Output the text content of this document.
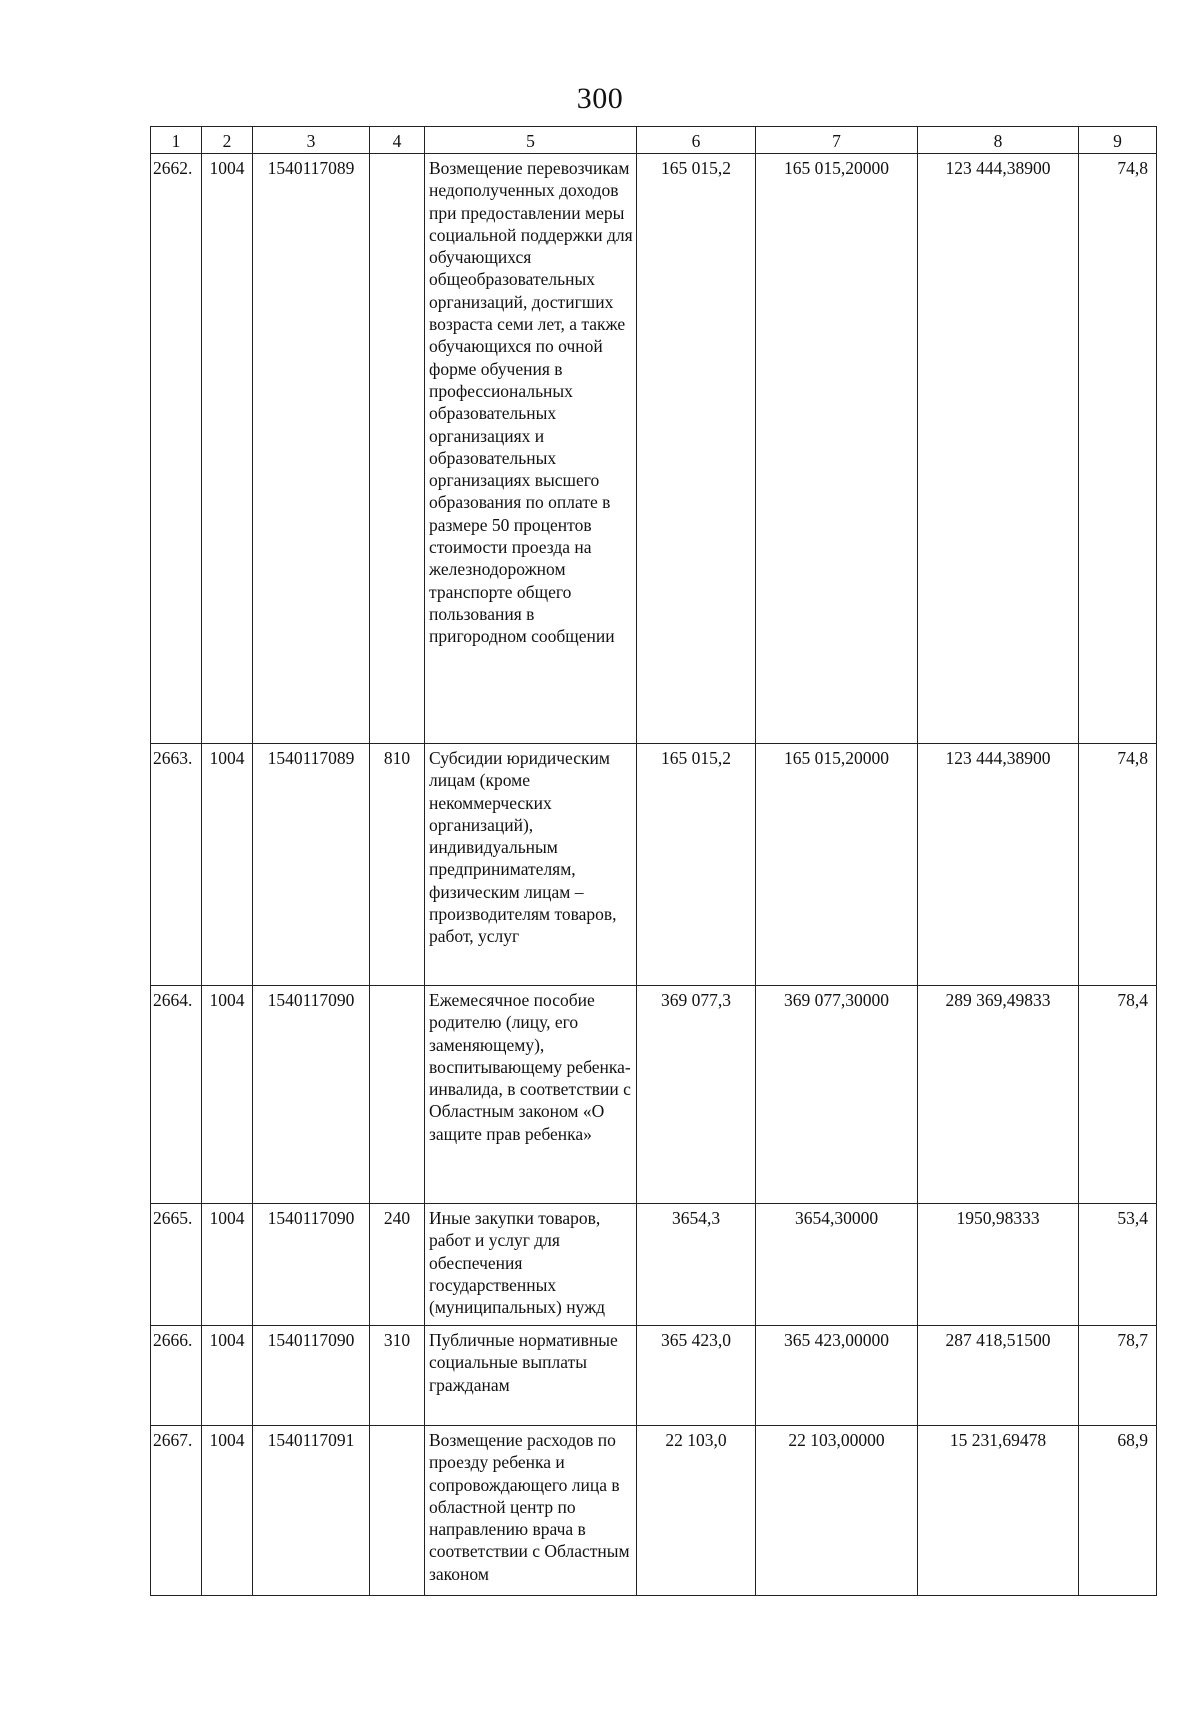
300
1	2	3	4	5	6	7	8	9
2662.	1004	1540117089		Возмещение перевозчикам недополученных доходов при предоставлении меры социальной поддержки для обучающихся общеобразовательных организаций, достигших возраста семи лет, а также обучающихся по очной форме обучения в профессиональных образовательных организациях и образовательных организациях высшего образования по оплате в размере 50 процентов стоимости проезда на железнодорожном транспорте общего пользования в пригородном сообщении	165 015,2	165 015,20000	123 444,38900	74,8
2663.	1004	1540117089	810	Субсидии юридическим лицам (кроме некоммерческих организаций), индивидуальным предпринимателям, физическим лицам – производителям товаров, работ, услуг	165 015,2	165 015,20000	123 444,38900	74,8
2664.	1004	1540117090		Ежемесячное пособие родителю (лицу, его заменяющему), воспитывающему ребенка-инвалида, в соответствии с Областным законом «О защите прав ребенка»	369 077,3	369 077,30000	289 369,49833	78,4
2665.	1004	1540117090	240	Иные закупки товаров, работ и услуг для обеспечения государственных (муниципальных) нужд	3654,3	3654,30000	1950,98333	53,4
2666.	1004	1540117090	310	Публичные нормативные социальные выплаты гражданам	365 423,0	365 423,00000	287 418,51500	78,7
2667.	1004	1540117091		Возмещение расходов по проезду ребенка и сопровождающего лица в областной центр по направлению врача в соответствии с Областным законом	22 103,0	22 103,00000	15 231,69478	68,9
